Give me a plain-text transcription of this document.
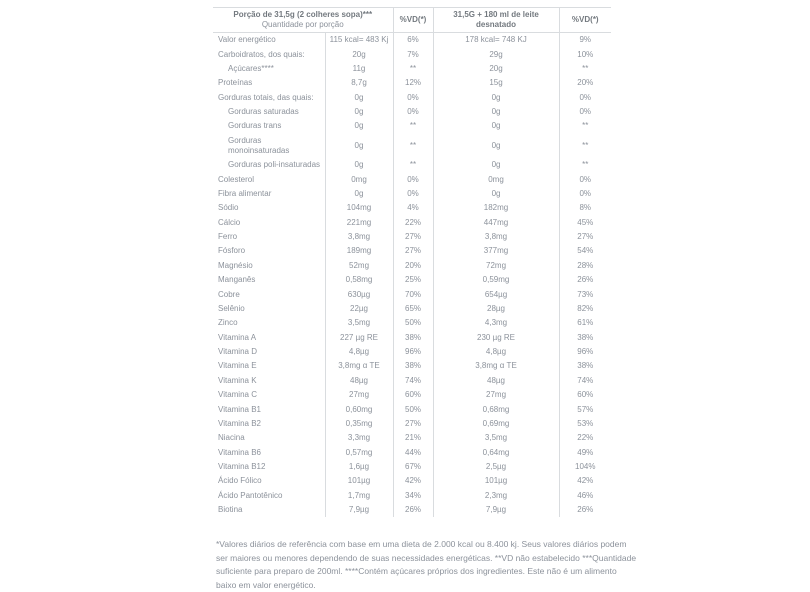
Porção de 31,5g (2 colheres sopa)***
Quantidade por porção		%VD(*)	31,5G + 180 ml de leite desnatado	%VD(*)
Valor energético	115 kcal= 483 Kj	6%	178 kcal= 748 KJ	9%
Carboidratos, dos quais:	20g	7%	29g	10%
Açúcares****	11g	**	20g	**
Proteínas	8,7g	12%	15g	20%
Gorduras totais, das quais:	0g	0%	0g	0%
Gorduras saturadas	0g	0%	0g	0%
Gorduras trans	0g	**	0g	**
Gorduras monoinsaturadas	0g	**	0g	**
Gorduras poli-insaturadas	0g	**	0g	**
Colesterol	0mg	0%	0mg	0%
Fibra alimentar	0g	0%	0g	0%
Sódio	104mg	4%	182mg	8%
Cálcio	221mg	22%	447mg	45%
Ferro	3,8mg	27%	3,8mg	27%
Fósforo	189mg	27%	377mg	54%
Magnésio	52mg	20%	72mg	28%
Manganês	0,58mg	25%	0,59mg	26%
Cobre	630µg	70%	654µg	73%
Selênio	22µg	65%	28µg	82%
Zinco	3,5mg	50%	4,3mg	61%
Vitamina A	227 µg RE	38%	230 µg RE	38%
Vitamina D	4,8µg	96%	4,8µg	96%
Vitamina E	3,8mg α TE	38%	3,8mg α TE	38%
Vitamina K	48µg	74%	48µg	74%
Vitamina C	27mg	60%	27mg	60%
Vitamina B1	0,60mg	50%	0,68mg	57%
Vitamina B2	0,35mg	27%	0,69mg	53%
Niacina	3,3mg	21%	3,5mg	22%
Vitamina B6	0,57mg	44%	0,64mg	49%
Vitamina B12	1,6µg	67%	2,5µg	104%
Ácido Fólico	101µg	42%	101µg	42%
Ácido Pantotênico	1,7mg	34%	2,3mg	46%
Biotina	7,9µg	26%	7,9µg	26%
*Valores diários de referência com base em uma dieta de 2.000 kcal ou 8.400 kj. Seus valores diários podem ser maiores ou menores dependendo de suas necessidades energéticas. **VD não estabelecido ***Quantidade suficiente para preparo de 200ml. ****Contém açúcares próprios dos ingredientes. Este não é um alimento baixo em valor energético.
